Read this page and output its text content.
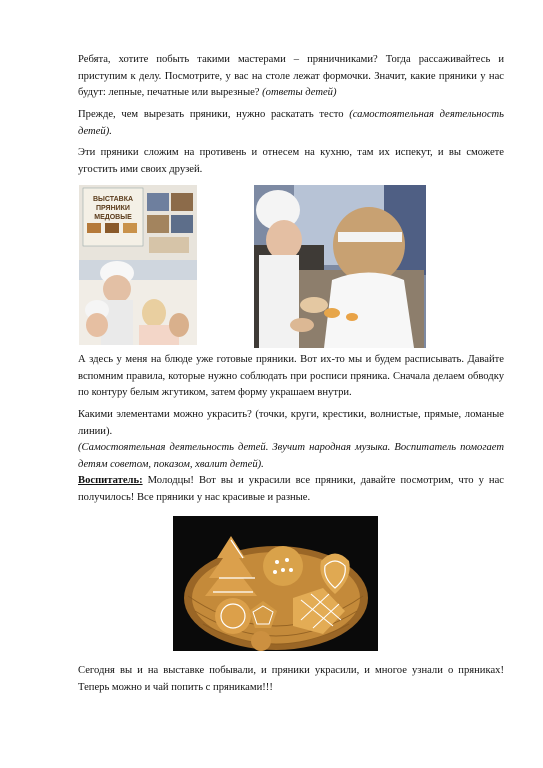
Ребята, хотите побыть такими мастерами – пряничниками? Тогда рассаживайтесь и приступим к делу. Посмотрите, у вас на столе лежат формочки. Значит, какие пряники у нас будут: лепные, печатные или вырезные? (ответы детей)

Прежде, чем вырезать пряники, нужно раскатать тесто (самостоятельная деятельность детей).

Эти пряники сложим на противень и отнесем на кухню, там их испекут, и вы сможете угостить ими своих друзей.

ВЫСТАВКА
ПРЯНИКИ
МЕДОВЫЕ

А здесь у меня на блюде уже готовые пряники. Вот их-то мы и будем расписывать. Давайте вспомним правила, которые нужно соблюдать при росписи пряника. Сначала делаем обводку по контуру белым жгутиком, затем форму украшаем внутри.

Какими элементами можно украсить? (точки, круги, крестики, волнистые, прямые, ломаные линии).
(Самостоятельная деятельность детей. Звучит народная музыка. Воспитатель помогает детям советом, показом, хвалит детей).

Воспитатель: Молодцы! Вот вы и украсили все пряники, давайте посмотрим, что у нас получилось! Все пряники у нас красивые и разные.

Сегодня вы и на выставке побывали, и пряники украсили, и многое узнали о пряниках! Теперь можно и чай попить с пряниками!!!
